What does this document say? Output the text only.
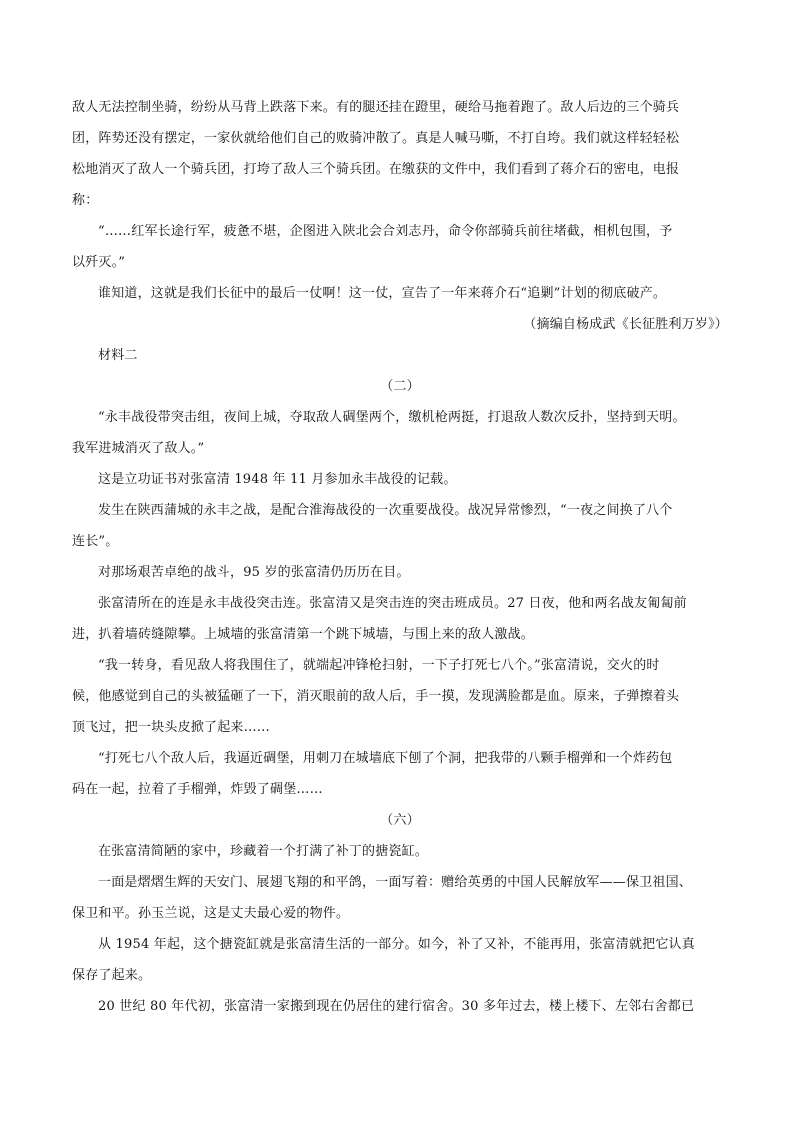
敌人无法控制坐骑，纷纷从马背上跌落下来。有的腿还挂在蹬里，硬给马拖着跑了。敌人后边的三个骑兵
团，阵势还没有摆定，一家伙就给他们自己的败骑冲散了。真是人喊马嘶，不打自垮。我们就这样轻轻松
松地消灭了敌人一个骑兵团，打垮了敌人三个骑兵团。在缴获的文件中，我们看到了蒋介石的密电，电报
称：
“……红军长途行军，疲惫不堪，企图进入陕北会合刘志丹，命令你部骑兵前往堵截，相机包围，予
以歼灭。”
谁知道，这就是我们长征中的最后一仗啊！这一仗，宣告了一年来蒋介石“追剿”计划的彻底破产。
（摘编自杨成武《长征胜利万岁》）
材料二
（二）
“永丰战役带突击组，夜间上城，夺取敌人碉堡两个，缴机枪两挺，打退敌人数次反扑，坚持到天明。
我军进城消灭了敌人。”
这是立功证书对张富清 1948 年 11 月参加永丰战役的记载。
发生在陕西蒲城的永丰之战，是配合淮海战役的一次重要战役。战况异常惨烈，“一夜之间换了八个
连长”。
对那场艰苦卓绝的战斗，95 岁的张富清仍历历在目。
张富清所在的连是永丰战役突击连。张富清又是突击连的突击班成员。27 日夜，他和两名战友匍匐前
进，扒着墙砖缝隙攀。上城墙的张富清第一个跳下城墙，与围上来的敌人激战。
“我一转身，看见敌人将我围住了，就端起冲锋枪扫射，一下子打死七八个。”张富清说，交火的时
候，他感觉到自己的头被猛砸了一下，消灭眼前的敌人后，手一摸，发现满脸都是血。原来，子弹擦着头
顶飞过，把一块头皮掀了起来……
“打死七八个敌人后，我逼近碉堡，用刺刀在城墙底下刨了个洞，把我带的八颗手榴弹和一个炸药包
码在一起，拉着了手榴弹，炸毁了碉堡……
（六）
在张富清简陋的家中，珍藏着一个打满了补丁的搪瓷缸。
一面是熠熠生辉的天安门、展翅飞翔的和平鸽，一面写着：赠给英勇的中国人民解放军——保卫祖国、
保卫和平。孙玉兰说，这是丈夫最心爱的物件。
从 1954 年起，这个搪瓷缸就是张富清生活的一部分。如今，补了又补，不能再用，张富清就把它认真
保存了起来。
20 世纪 80 年代初，张富清一家搬到现在仍居住的建行宿舍。30 多年过去，楼上楼下、左邻右舍都已
